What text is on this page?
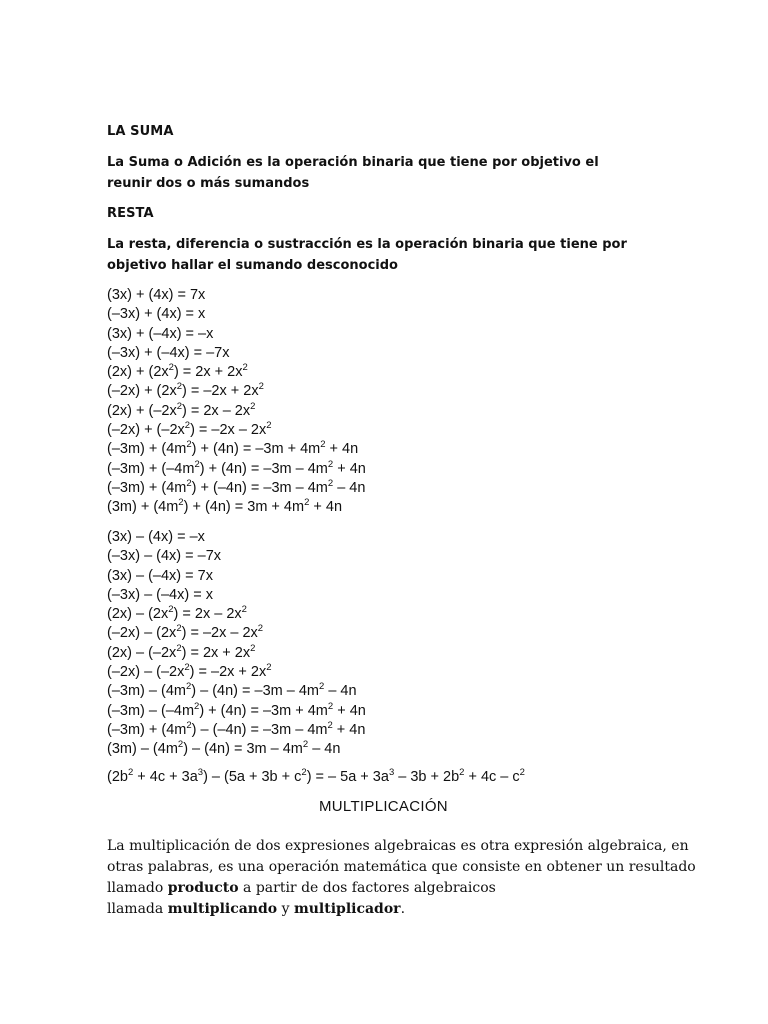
LA SUMA
La Suma o Adición es la operación binaria que tiene por objetivo el reunir dos o más sumandos
RESTA
La resta, diferencia o sustracción es la operación binaria que tiene por objetivo hallar el sumando desconocido
(3x) + (4x) = 7x
(–3x) + (4x) = x
(3x) + (–4x) = –x
(–3x) + (–4x) = –7x
$(2x) + (2x^2) = 2x + 2x^2$
$(-2x) + (2x^2) = -2x + 2x^2$
$(2x) + (-2x^2) = 2x - 2x^2$
$(-2x) + (-2x^2) = -2x - 2x^2$
$(-3m) + (4m^2) + (4n) = -3m + 4m^2 + 4n$
$(-3m) + (-4m^2) + (4n) = -3m - 4m^2 + 4n$
$(-3m) + (4m^2) + (-4n) = -3m - 4m^2 - 4n$
$(3m) + (4m^2) + (4n) = 3m + 4m^2 + 4n$
(3x) – (4x) = –x
(–3x) – (4x) = –7x
(3x) – (–4x) = 7x
(–3x) – (–4x) = x
$(2x) - (2x^2) = 2x - 2x^2$
$(-2x) - (2x^2) = -2x - 2x^2$
$(2x) - (-2x^2) = 2x + 2x^2$
$(-2x) - (-2x^2) = -2x + 2x^2$
$(-3m) - (4m^2) - (4n) = -3m - 4m^2 - 4n$
$(-3m) - (-4m^2) + (4n) = -3m + 4m^2 + 4n$
$(-3m) + (4m^2) - (-4n) = -3m - 4m^2 + 4n$
$(3m) - (4m^2) - (4n) = 3m - 4m^2 - 4n$
$(2b^2 + 4c + 3a^3) - (5a + 3b + c^2)$ = – $5a + 3a^3 - 3b + 2b^2 + 4c - c^2$
MULTIPLICACIÓN
La multiplicación de dos expresiones algebraicas es otra expresión algebraica, en
otras palabras, es una operación matemática que consiste en obtener un resultado
llamado producto a partir de dos factores algebraicos
llamada multiplicando y multiplicador.
